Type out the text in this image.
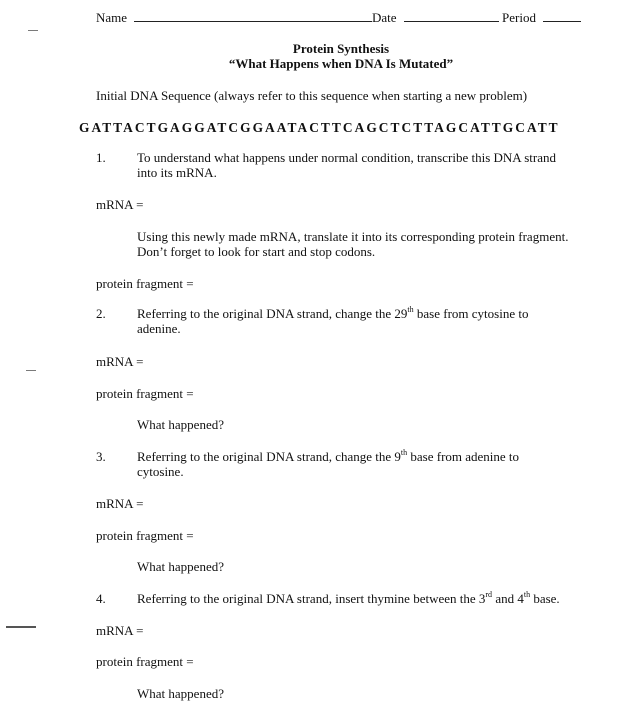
Name	Date	Period
Protein Synthesis
“What Happens when DNA Is Mutated”
Initial DNA Sequence (always refer to this sequence when starting a new problem)
GATTACTGAGGATCGGAATACTTCAGCTCTTAGCATTGCATT
1. To understand what happens under normal condition, transcribe this DNA strand
into its mRNA.
mRNA =
Using this newly made mRNA, translate it into its corresponding protein fragment.
Don’t forget to look for start and stop codons.
protein fragment =
2. Referring to the original DNA strand, change the 29th base from cytosine to
adenine.
mRNA =
protein fragment =
What happened?
3. Referring to the original DNA strand, change the 9th base from adenine to
cytosine.
mRNA =
protein fragment =
What happened?
4. Referring to the original DNA strand, insert thymine between the 3rd and 4th base.
mRNA =
protein fragment =
What happened?
